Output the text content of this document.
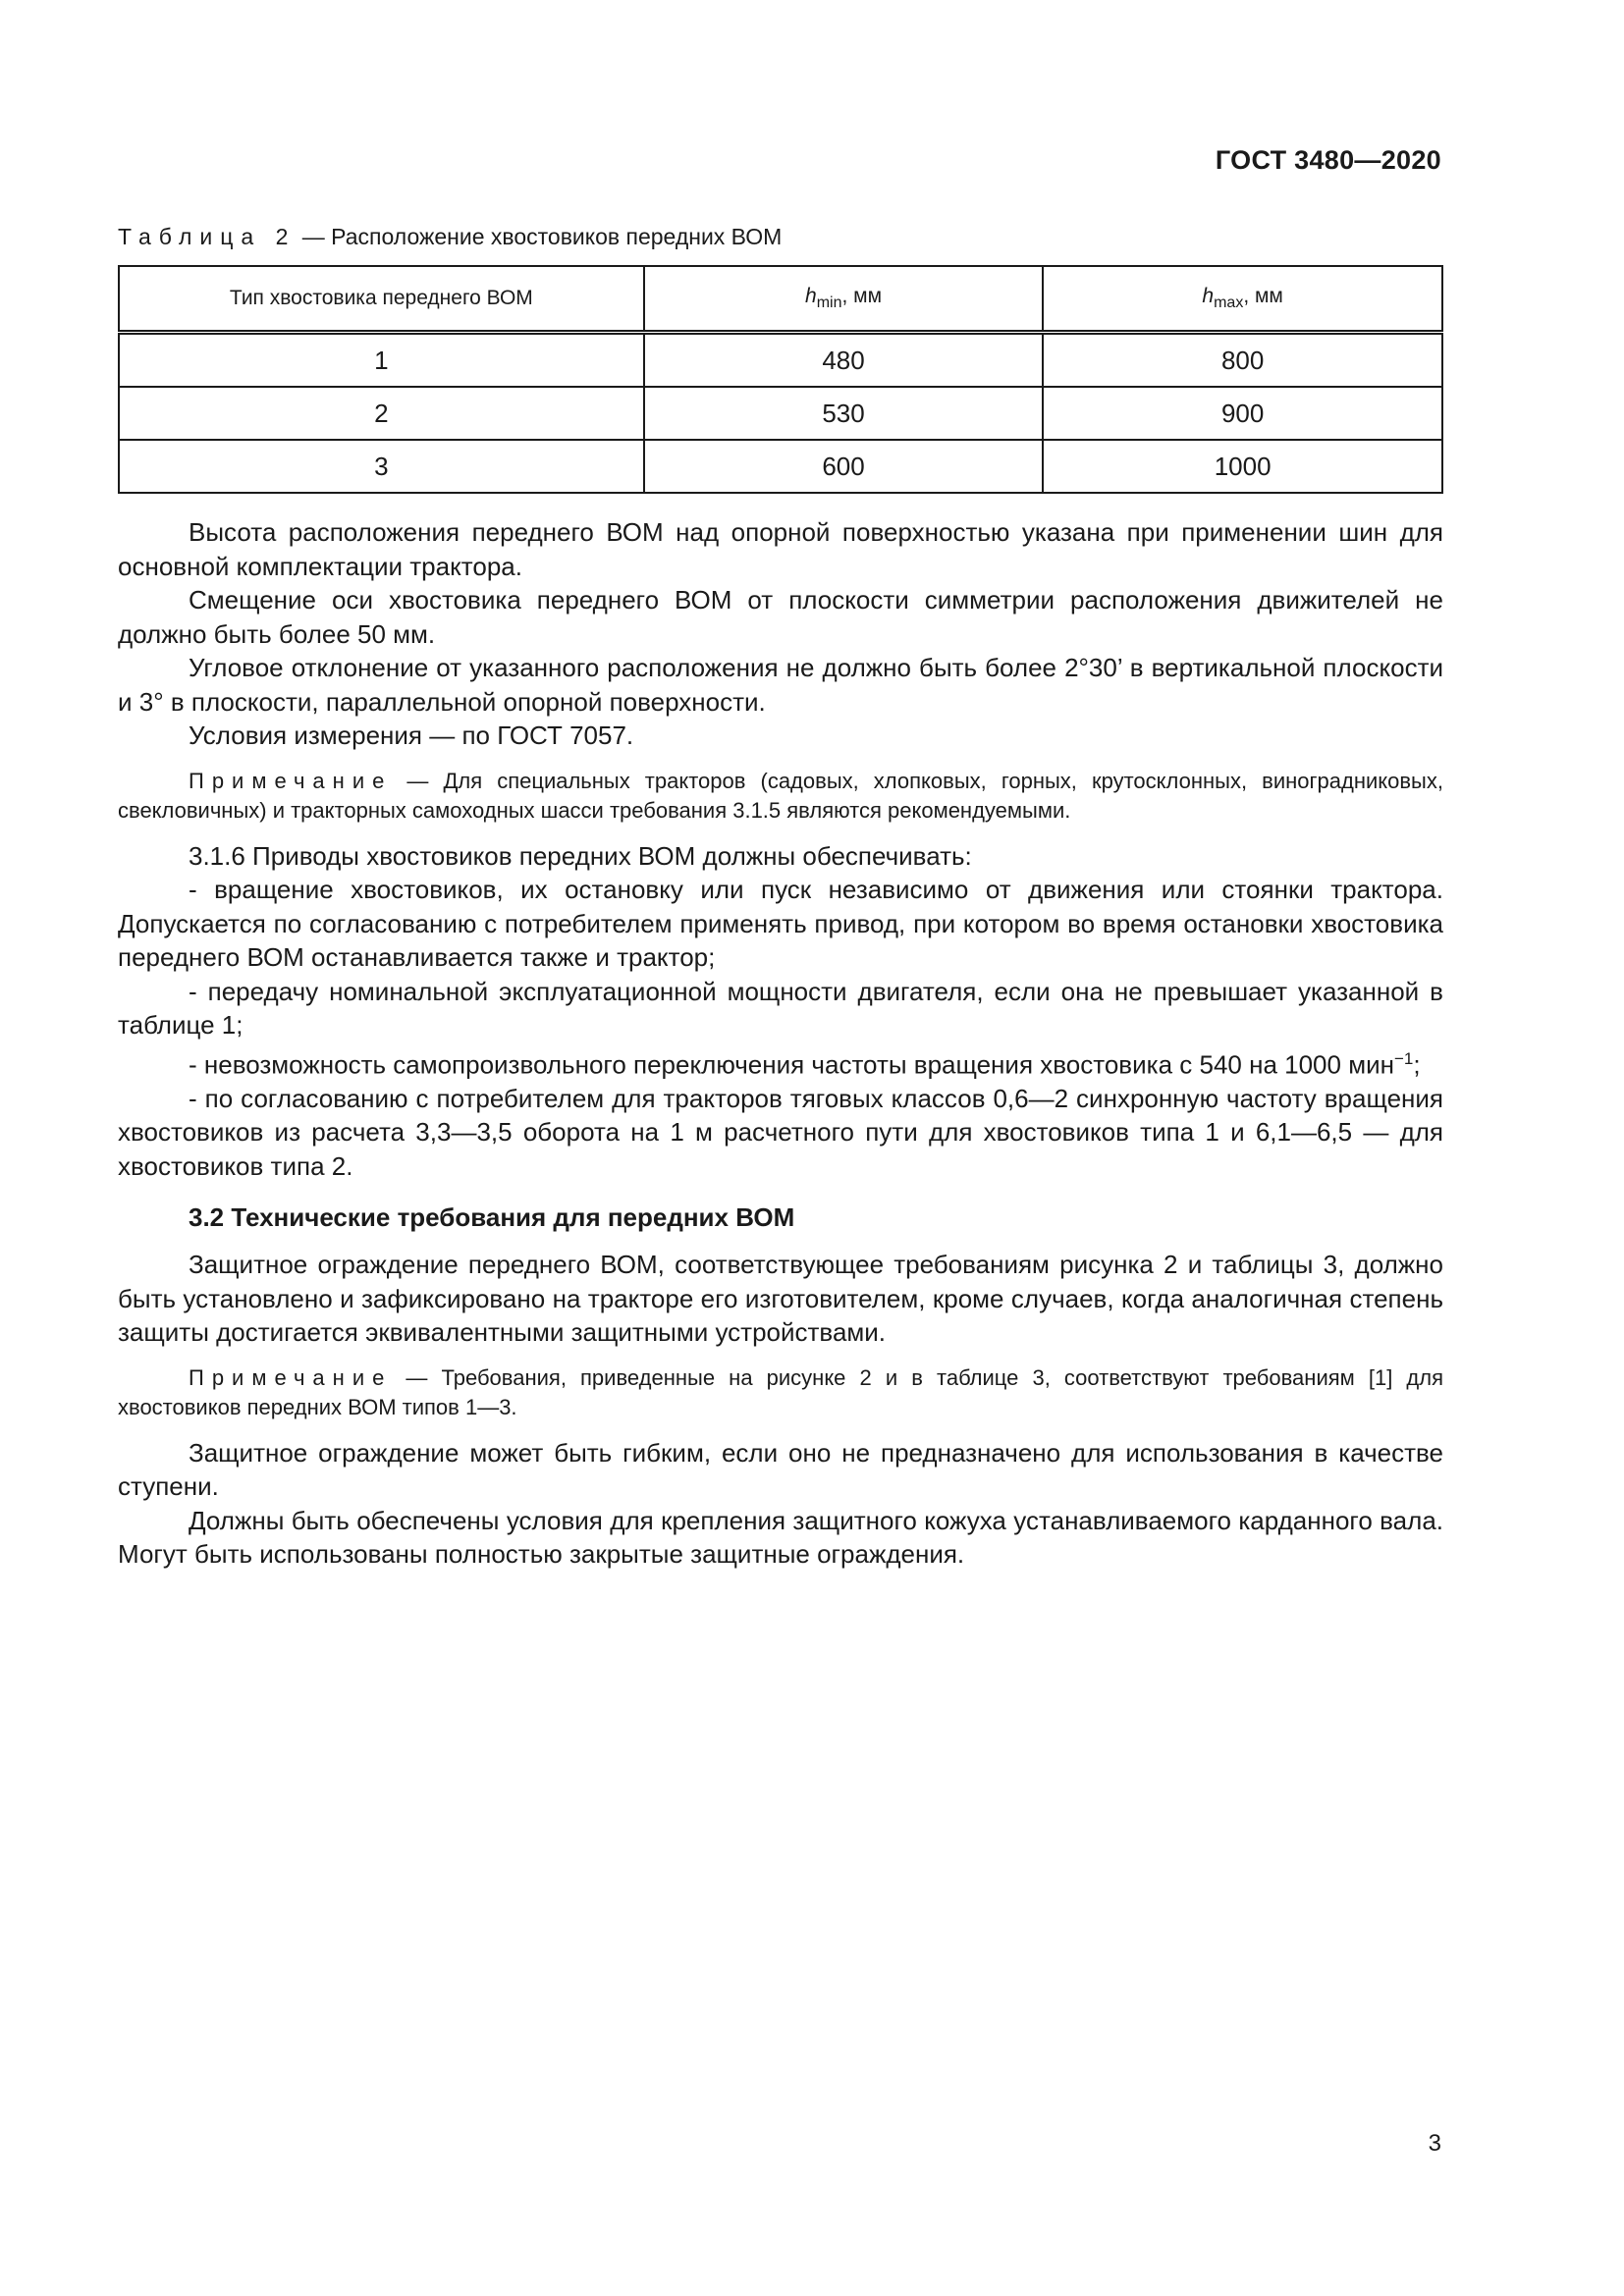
ГОСТ 3480—2020
Таблица 2 — Расположение хвостовиков передних ВОМ
Тип хвостовика переднего ВОМ	$h_{min}$, мм	$h_{max}$, мм
1	480	800
2	530	900
3	600	1000

Высота расположения переднего ВОМ над опорной поверхностью указана при применении шин для основной комплектации трактора.

Смещение оси хвостовика переднего ВОМ от плоскости симметрии расположения движителей не должно быть более 50 мм.

Угловое отклонение от указанного расположения не должно быть более 2°30’ в вертикальной плоскости и 3° в плоскости, параллельной опорной поверхности.

Условия измерения — по ГОСТ 7057.

Примечание — Для специальных тракторов (садовых, хлопковых, горных, крутосклонных, виноградниковых, свекловичных) и тракторных самоходных шасси требования 3.1.5 являются рекомендуемыми.

3.1.6 Приводы хвостовиков передних ВОМ должны обеспечивать:

- вращение хвостовиков, их остановку или пуск независимо от движения или стоянки трактора. Допускается по согласованию с потребителем применять привод, при котором во время остановки хвостовика переднего ВОМ останавливается также и трактор;

- передачу номинальной эксплуатационной мощности двигателя, если она не превышает указанной в таблице 1;

- невозможность самопроизвольного переключения частоты вращения хвостовика с 540 на 1000 мин$^{-1}$;

- по согласованию с потребителем для тракторов тяговых классов 0,6—2 синхронную частоту вращения хвостовиков из расчета 3,3—3,5 оборота на 1 м расчетного пути для хвостовиков типа 1 и 6,1—6,5 — для хвостовиков типа 2.

3.2 Технические требования для передних ВОМ

Защитное ограждение переднего ВОМ, соответствующее требованиям рисунка 2 и таблицы 3, должно быть установлено и зафиксировано на тракторе его изготовителем, кроме случаев, когда аналогичная степень защиты достигается эквивалентными защитными устройствами.

Примечание — Требования, приведенные на рисунке 2 и в таблице 3, соответствуют требованиям [1] для хвостовиков передних ВОМ типов 1—3.

Защитное ограждение может быть гибким, если оно не предназначено для использования в качестве ступени.

Должны быть обеспечены условия для крепления защитного кожуха устанавливаемого карданного вала. Могут быть использованы полностью закрытые защитные ограждения.

3
